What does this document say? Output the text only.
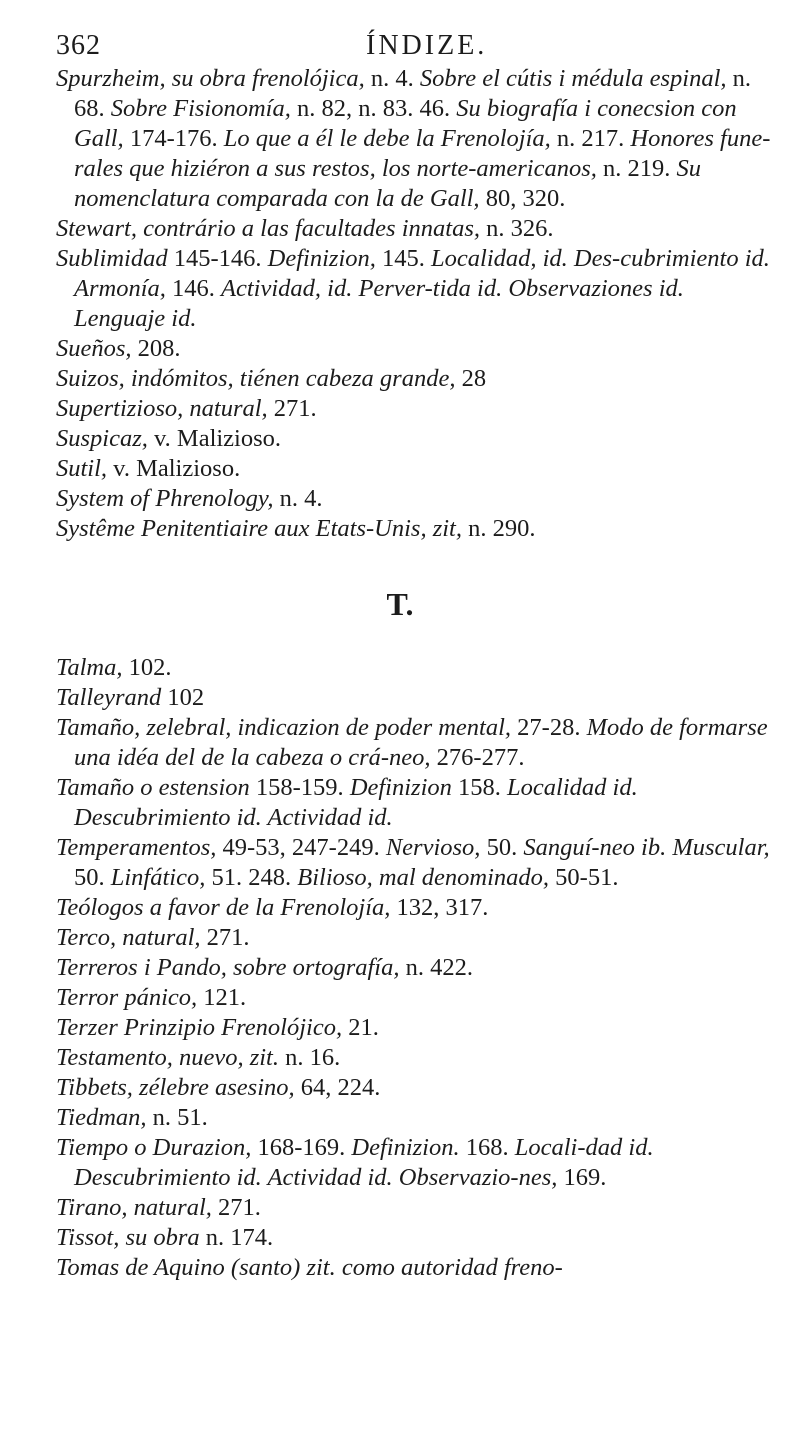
362	ÍNDIZE.

Spurzheim, su obra frenolójica, n. 4. Sobre el cútis i médula espinal, n. 68. Sobre Fisionomía, n. 82, n. 83. 46. Su biografía i conecsion con Gall, 174-176. Lo que a él le debe la Frenolojía, n. 217. Honores fune-rales que hiziéron a sus restos, los norte-americanos, n. 219. Su nomenclatura comparada con la de Gall, 80, 320.

Stewart, contrário a las facultades innatas, n. 326.

Sublimidad 145-146. Definizion, 145. Localidad, id. Des-cubrimiento id. Armonía, 146. Actividad, id. Perver-tida id. Observaziones id. Lenguaje id.

Sueños, 208.

Suizos, indómitos, tiénen cabeza grande, 28

Supertizioso, natural, 271.

Suspicaz, v. Malizioso.

Sutil, v. Malizioso.

System of Phrenology, n. 4.

Systême Penitentiaire aux Etats-Unis, zit, n. 290.

T.

Talma, 102.

Talleyrand 102

Tamaño, zelebral, indicazion de poder mental, 27-28. Modo de formarse una idéa del de la cabeza o crá-neo, 276-277.

Tamaño o estension 158-159. Definizion 158. Localidad id. Descubrimiento id. Actividad id.

Temperamentos, 49-53, 247-249. Nervioso, 50. Sanguí-neo ib. Muscular, 50. Linfático, 51. 248. Bilioso, mal denominado, 50-51.

Teólogos a favor de la Frenolojía, 132, 317.

Terco, natural, 271.

Terreros i Pando, sobre ortografía, n. 422.

Terror pánico, 121.

Terzer Prinzipio Frenolójico, 21.

Testamento, nuevo, zit. n. 16.

Tibbets, zélebre asesino, 64, 224.

Tiedman, n. 51.

Tiempo o Durazion, 168-169. Definizion. 168. Locali-dad id. Descubrimiento id. Actividad id. Observazio-nes, 169.

Tirano, natural, 271.

Tissot, su obra n. 174.

Tomas de Aquino (santo) zit. como autoridad freno-
